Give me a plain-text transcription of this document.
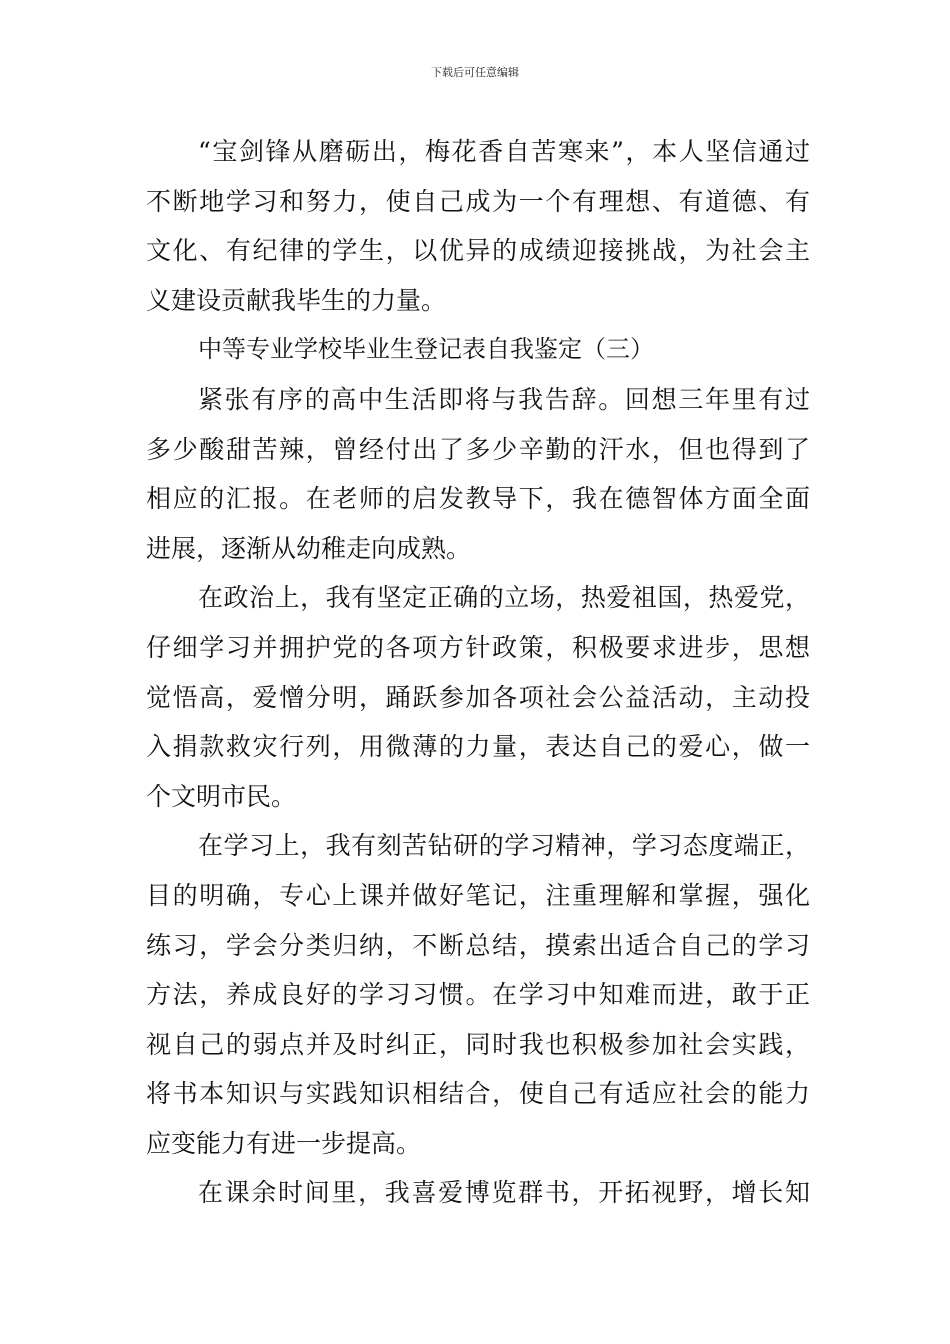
下载后可任意编辑
“宝剑锋从磨砺出，梅花香自苦寒来”，本人坚信通过
不断地学习和努力，使自己成为一个有理想、有道德、有
文化、有纪律的学生，以优异的成绩迎接挑战，为社会主
义建设贡献我毕生的力量。
中等专业学校毕业生登记表自我鉴定（三）
紧张有序的高中生活即将与我告辞。回想三年里有过
多少酸甜苦辣，曾经付出了多少辛勤的汗水，但也得到了
相应的汇报。在老师的启发教导下，我在德智体方面全面
进展，逐渐从幼稚走向成熟。
在政治上，我有坚定正确的立场，热爱祖国，热爱党，
仔细学习并拥护党的各项方针政策，积极要求进步，思想
觉悟高，爱憎分明，踊跃参加各项社会公益活动，主动投
入捐款救灾行列，用微薄的力量，表达自己的爱心，做一
个文明市民。
在学习上，我有刻苦钻研的学习精神，学习态度端正，
目的明确，专心上课并做好笔记，注重理解和掌握，强化
练习，学会分类归纳，不断总结，摸索出适合自己的学习
方法，养成良好的学习习惯。在学习中知难而进，敢于正
视自己的弱点并及时纠正，同时我也积极参加社会实践，
将书本知识与实践知识相结合，使自己有适应社会的能力
应变能力有进一步提高。
在课余时间里，我喜爱博览群书，开拓视野，增长知
